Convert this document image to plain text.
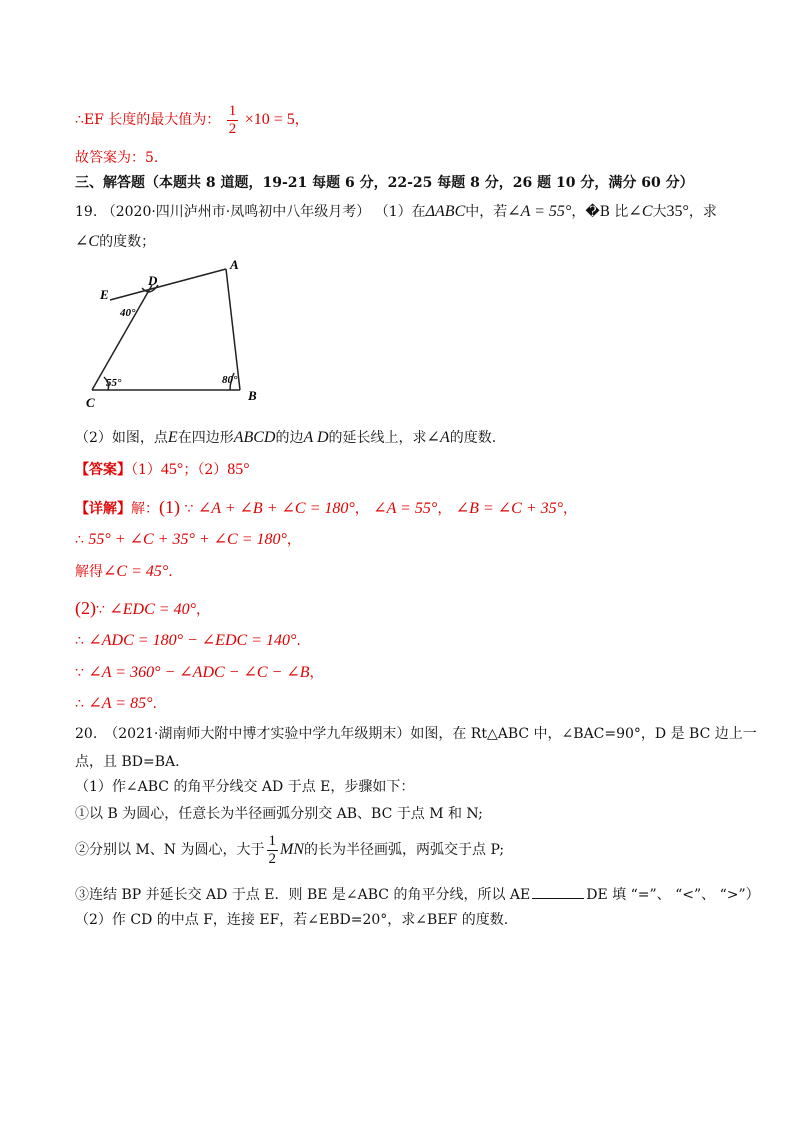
∴EF 长度的最大值为： $\frac{1}{2} \times 10 = 5$，
故答案为：5.
三、解答题（本题共 8 道题，19-21 每题 6 分，22-25 每题 8 分，26 题 10 分，满分 60 分）
19. （2020·四川泸州市·凤鸣初中八年级月考） （1）在ΔABC中，若∠A = 55°，�B 比∠C大35°，求
∠C的度数；
A
B
C
D
E
40°
55°	80°
（2）如图，点E在四边形ABCD的边A D的延长线上，求∠A的度数.
【答案】（1）45°；（2）85°
【详解】解：(1) ∵ ∠A + ∠B + ∠C = 180°， ∠A = 55°， ∠B = ∠C + 35°，
∴ 55° + ∠C + 35° + ∠C = 180°，
解得∠C = 45°.
(2)∵ ∠EDC = 40°，
∴ ∠ADC = 180° − ∠EDC = 140°.
∵ ∠A = 360° − ∠ADC − ∠C − ∠B，
∴ ∠A = 85°.
20.　（2021·湖南师大附中博才实验中学九年级期末）如图，在 Rt△ABC 中，∠BAC=90°，D 是 BC 边上一
点，且 BD=BA.
（1）作∠ABC 的角平分线交 AD 于点 E，步骤如下：
①以 B 为圆心，任意长为半径画弧分别交 AB、BC 于点 M 和 N;
②分别以 M、N 为圆心，大于 $\frac{1}{2}$ MN的长为半径画弧，两弧交于点 P;
③连结 BP 并延长交 AD 于点 E．则 BE 是∠ABC 的角平分线，所以 AE	DE 填 “=”、 “<”、 “>”）
（2）作 CD 的中点 F，连接 EF，若∠EBD=20°，求∠BEF 的度数.
